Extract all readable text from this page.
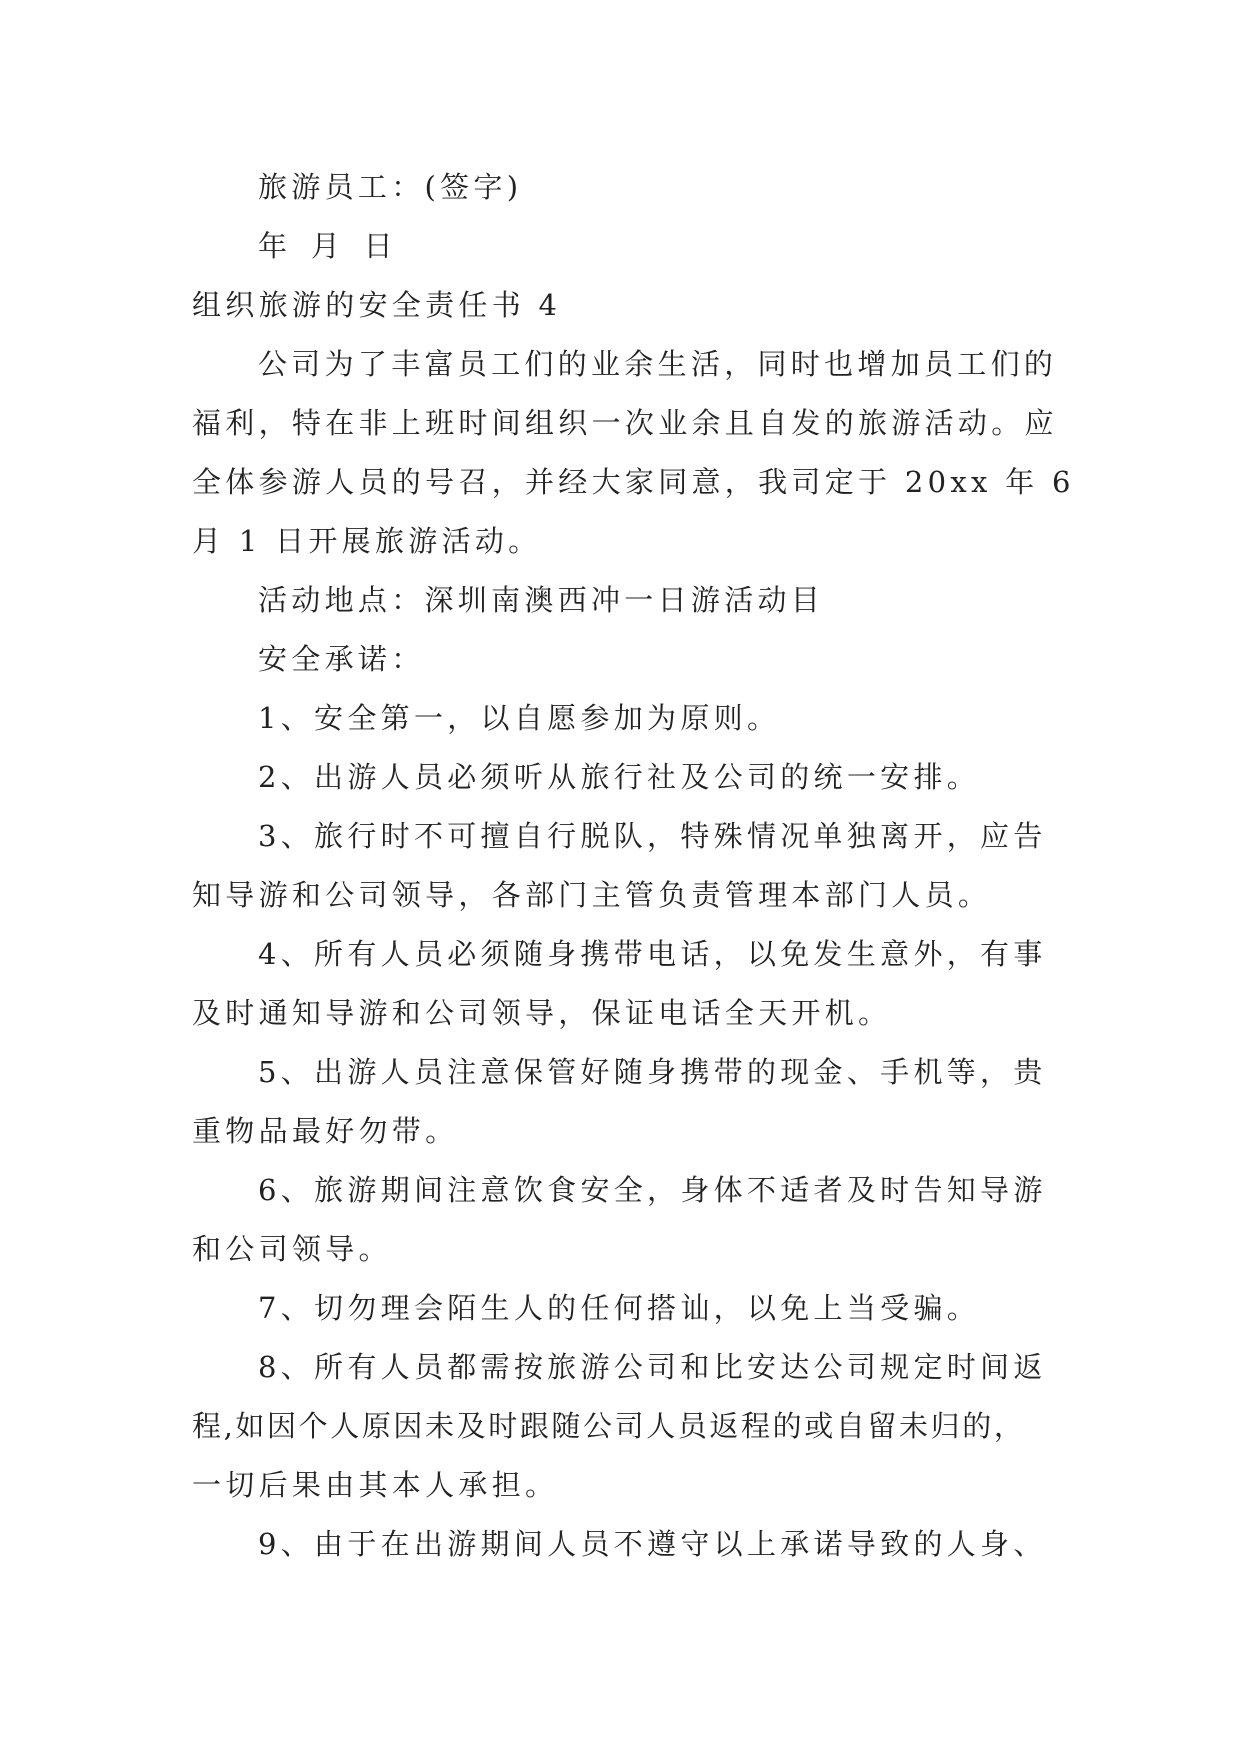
旅游员工：(签字)
年 月 日
组织旅游的安全责任书 4
公司为了丰富员工们的业余生活，同时也增加员工们的
福利，特在非上班时间组织一次业余且自发的旅游活动。应
全体参游人员的号召，并经大家同意，我司定于 20xx 年 6
月 1 日开展旅游活动。
活动地点：深圳南澳西冲一日游活动目
安全承诺：
1、安全第一，以自愿参加为原则。
2、出游人员必须听从旅行社及公司的统一安排。
3、旅行时不可擅自行脱队，特殊情况单独离开，应告
知导游和公司领导，各部门主管负责管理本部门人员。
4、所有人员必须随身携带电话，以免发生意外，有事
及时通知导游和公司领导，保证电话全天开机。
5、出游人员注意保管好随身携带的现金、手机等，贵
重物品最好勿带。
6、旅游期间注意饮食安全，身体不适者及时告知导游
和公司领导。
7、切勿理会陌生人的任何搭讪，以免上当受骗。
8、所有人员都需按旅游公司和比安达公司规定时间返
程,如因个人原因未及时跟随公司人员返程的或自留未归的，
一切后果由其本人承担。
9、由于在出游期间人员不遵守以上承诺导致的人身、
